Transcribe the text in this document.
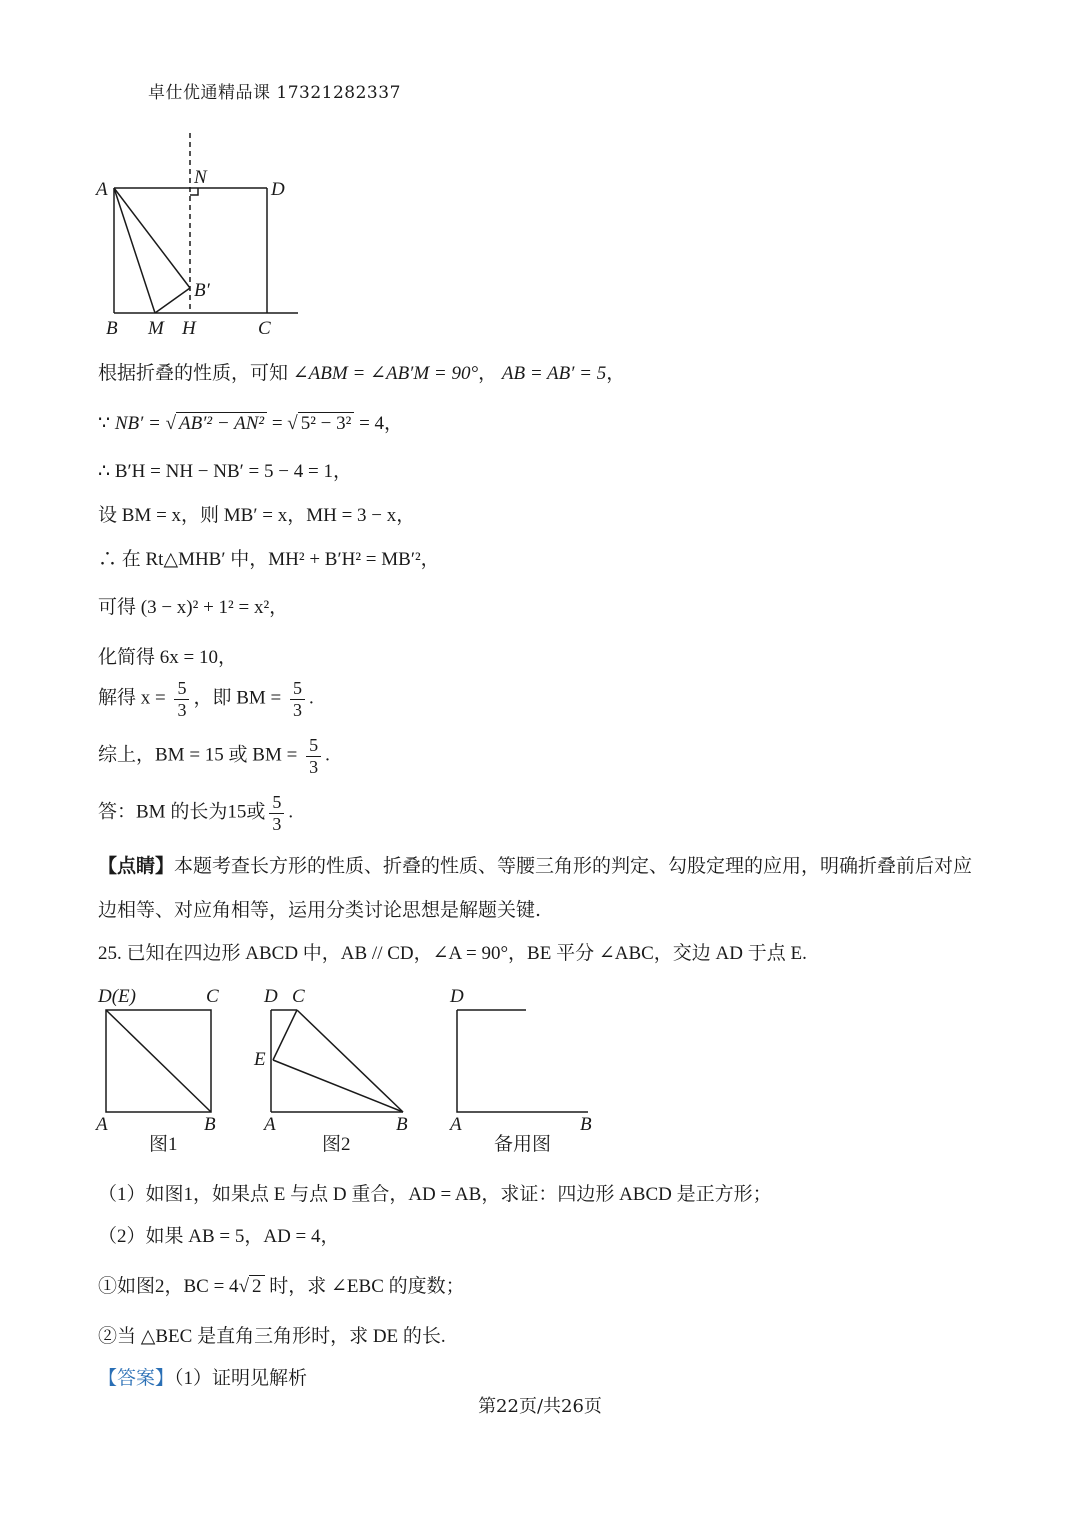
卓仕优通精品课 17321282337
A
N
D
B′
B M H	C
根据折叠的性质，可知 ∠ABM = ∠AB′M = 90°， AB = AB′ = 5，
∵ NB′ = √ AB′² − AN² = √ 5² − 3² = 4，
∴ B′H = NH − NB′ = 5 − 4 = 1，
设 BM = x，则 MB′ = x，MH = 3 − x，
∴ 在 Rt△MHB′ 中，MH² + B′H² = MB′²，
可得 (3 − x)² + 1² = x²，
化简得 6x = 10，
解得 $x = \frac{5}{3}$ ，即 BM = $\frac{5}{3}$ .
综上，BM = 15 或 BM = $\frac{5}{3}$ .
答：BM 的长为15或 $\frac{5}{3}$ .
【点睛】本题考查长方形的性质、折叠的性质、等腰三角形的判定、勾股定理的应用，明确折叠前后对应边相等、对应角相等，运用分类讨论思想是解题关键.
25. 已知在四边形 ABCD 中，AB // CD，∠A = 90°，BE 平分 ∠ABC，交边 AD 于点 E.
D(E)	C
A	B
图1
D C
E
A	B
图2
D
A	B
备用图
（1）如图1，如果点 E 与点 D 重合，AD = AB，求证：四边形 ABCD 是正方形；
（2）如果 AB = 5，AD = 4，
①如图2，BC = 4√ 2 时，求 ∠EBC 的度数；
②当 △BEC 是直角三角形时，求 DE 的长.
【答案】（1）证明见解析
第22页/共26页
